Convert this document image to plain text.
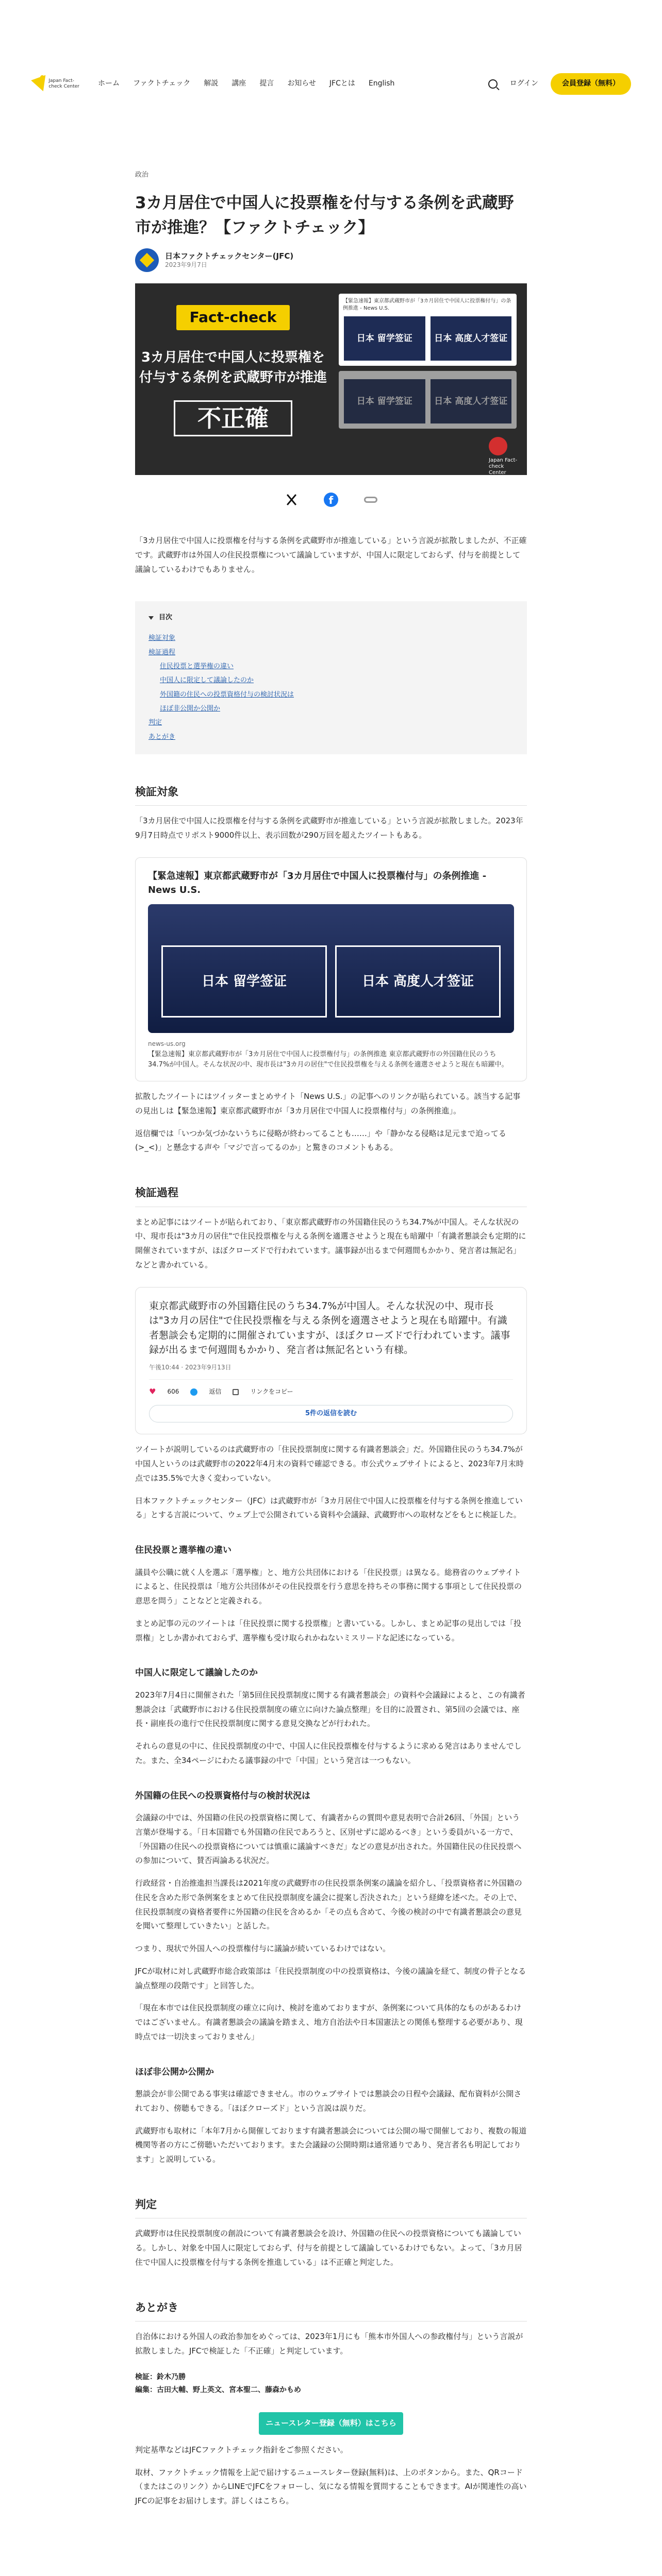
Japan Fact-check Center	ホーム ファクトチェック 解説 講座 提言 お知らせ JFCとは English	ログイン	会員登録（無料）
政治
3カ月居住で中国人に投票権を付与する条例を武蔵野市が推進？【ファクトチェック】
日本ファクトチェックセンター(JFC)
2023年9月7日
Fact-check
3カ月居住で中国人に投票権を付与する条例を武蔵野市が推進
不正確
【緊急速報】東京都武蔵野市が「3カ月居住で中国人に投票権付与」の条例推進 - News U.S.
日本 留学签证	日本 高度人才签证
日本 留学签证	日本 高度人才签证
Japan Fact-check Center
f

「3カ月居住で中国人に投票権を付与する条例を武蔵野市が推進している」という言説が拡散しましたが、不正確です。武蔵野市は外国人の住民投票権について議論していますが、中国人に限定しておらず、付与を前提として議論しているわけでもありません。

目次
検証対象
検証過程
住民投票と選挙権の違い
中国人に限定して議論したのか
外国籍の住民への投票資格付与の検討状況は
ほぼ非公開か公開か
判定
あとがき
検証対象

「3カ月居住で中国人に投票権を付与する条例を武蔵野市が推進している」という言説が拡散しました。2023年9月7日時点でリポスト9000件以上、表示回数が290万回を超えたツイートもある。

【緊急速報】東京都武蔵野市が「3カ月居住で中国人に投票権付与」の条例推進 - News U.S.
日本 留学签证	日本 高度人才签证
news-us.org
【緊急速報】東京都武蔵野市が「3カ月居住で中国人に投票権付与」の条例推進 東京都武蔵野市の外国籍住民のうち34.7%が中国人。そんな状況の中、現市長は"3カ月の居住"で住民投票権を与える条例を適選させようと現在も暗躍中。

拡散したツイートにはツイッターまとめサイト「News U.S.」の記事へのリンクが貼られている。該当する記事の見出しは【緊急速報】東京都武蔵野市が「3カ月居住で中国人に投票権付与」の条例推進」。

返信欄では「いつか気づかないうちに侵略が終わってることも……」や「静かなる侵略は足元まで迫ってる(>_<)」と懸念する声や「マジで言ってるのか」と驚きのコメントもある。

検証過程

まとめ記事にはツイートが貼られており、「東京都武蔵野市の外国籍住民のうち34.7%が中国人。そんな状況の中、現市長は"3カ月の居住"で住民投票権を与える条例を適選させようと現在も暗躍中「有識者懇談会も定期的に開催されていますが、ほぼクローズドで行われています。議事録が出るまで何週間もかかり、発言者は無記名」などと書かれている。

東京都武蔵野市の外国籍住民のうち34.7%が中国人。そんな状況の中、現市長は"3カ月の居住"で住民投票権を与える条例を適選させようと現在も暗躍中。有識者懇談会も定期的に開催されていますが、ほぼクローズドで行われています。議事録が出るまで何週間もかかり、発言者は無記名という有様。
午後10:44 · 2023年9月13日
♥ 606	返信	リンクをコピー
5件の返信を読む

ツイートが説明しているのは武蔵野市の「住民投票制度に関する有識者懇談会」だ。外国籍住民のうち34.7%が中国人というのは武蔵野市の2022年4月末の資料で確認できる。市公式ウェブサイトによると、2023年7月末時点では35.5%で大きく変わっていない。

日本ファクトチェックセンター（JFC）は武蔵野市が「3カ月居住で中国人に投票権を付与する条例を推進している」とする言説について、ウェブ上で公開されている資料や会議録、武蔵野市への取材などをもとに検証した。

住民投票と選挙権の違い

議員や公職に就く人を選ぶ「選挙権」と、地方公共団体における「住民投票」は異なる。総務省のウェブサイトによると、住民投票は「地方公共団体がその住民投票を行う意思を持ちその事務に関する事項として住民投票の意思を問う」ことなどと定義される。

まとめ記事の元のツイートは「住民投票に関する投票権」と書いている。しかし、まとめ記事の見出しでは「投票権」としか書かれておらず、選挙権も受け取られかねないミスリードな記述になっている。

中国人に限定して議論したのか

2023年7月4日に開催された「第5回住民投票制度に関する有識者懇談会」の資料や会議録によると、この有識者懇談会は「武蔵野市における住民投票制度の確立に向けた論点整理」を目的に設置され、第5回の会議では、座長・副座長の進行で住民投票制度に関する意見交換などが行われた。

それらの意見の中に、住民投票制度の中で、中国人に住民投票権を付与するように求める発言はありませんでした。また、全34ページにわたる議事録の中で「中国」という発言は一つもない。

外国籍の住民への投票資格付与の検討状況は

会議録の中では、外国籍の住民の投票資格に関して、有識者からの質問や意見表明で合計26回、「外国」という言葉が登場する。「日本国籍でも外国籍の住民であろうと、区別せずに認めるべき」という委員がいる一方で、「外国籍の住民への投票資格については慎重に議論すべきだ」などの意見が出された。外国籍住民の住民投票への参加について、賛否両論ある状況だ。

行政経営・自治推進担当課長は2021年度の武蔵野市の住民投票条例案の議論を紹介し、「投票資格者に外国籍の住民を含めた形で条例案をまとめて住民投票制度を議会に提案し否決された」という経緯を述べた。その上で、住民投票制度の資格者要件に外国籍の住民を含めるか「その点も含めて、今後の検討の中で有識者懇談会の意見を聞いて整理していきたい」と話した。

つまり、現状で外国人への投票権付与に議論が続いているわけではない。

JFCが取材に対し武蔵野市総合政策部は「住民投票制度の中の投票資格は、今後の議論を経て、制度の骨子となる論点整理の段階です」と回答した。

「現在本市では住民投票制度の確立に向け、検討を進めておりますが、条例案について具体的なものがあるわけではございません。有識者懇談会の議論を踏まえ、地方自治法や日本国憲法との関係も整理する必要があり、現時点では一切決まっておりません」

ほぼ非公開か公開か

懇談会が非公開である事実は確認できません。市のウェブサイトでは懇談会の日程や会議録、配布資料が公開されており、傍聴もできる。「ほぼクローズド」という言説は誤りだ。

武蔵野市も取材に「本年7月から開催しております有識者懇談会については公開の場で開催しており、複数の報道機関等者の方にご傍聴いただいております。また会議録の公開時期は通常通りであり、発言者名も明記しております」と説明している。

判定

武蔵野市は住民投票制度の創設について有識者懇談会を設け、外国籍の住民への投票資格についても議論している。しかし、対象を中国人に限定しておらず、付与を前提として議論しているわけでもない。よって、「3カ月居住で中国人に投票権を付与する条例を推進している」は不正確と判定した。

あとがき

自治体における外国人の政治参加をめぐっては、2023年1月にも「熊本市外国人への参政権付与」という言説が拡散しました。JFCで検証した「不正確」と判定しています。

検証：鈴木乃勝
編集：古田大輔、野上英文、宮本聖二、藤森かもめ
ニュースレター登録（無料）はこちら

判定基準などはJFCファクトチェック指針をご参照ください。

取材、ファクトチェック情報を上記で届けするニュースレター登録(無料)は、上のボタンから。また、QRコード（またはこのリンク）からLINEでJFCをフォローし、気になる情報を質問することもできます。AIが関連性の高いJFCの記事をお届けします。詳しくはこちら。
